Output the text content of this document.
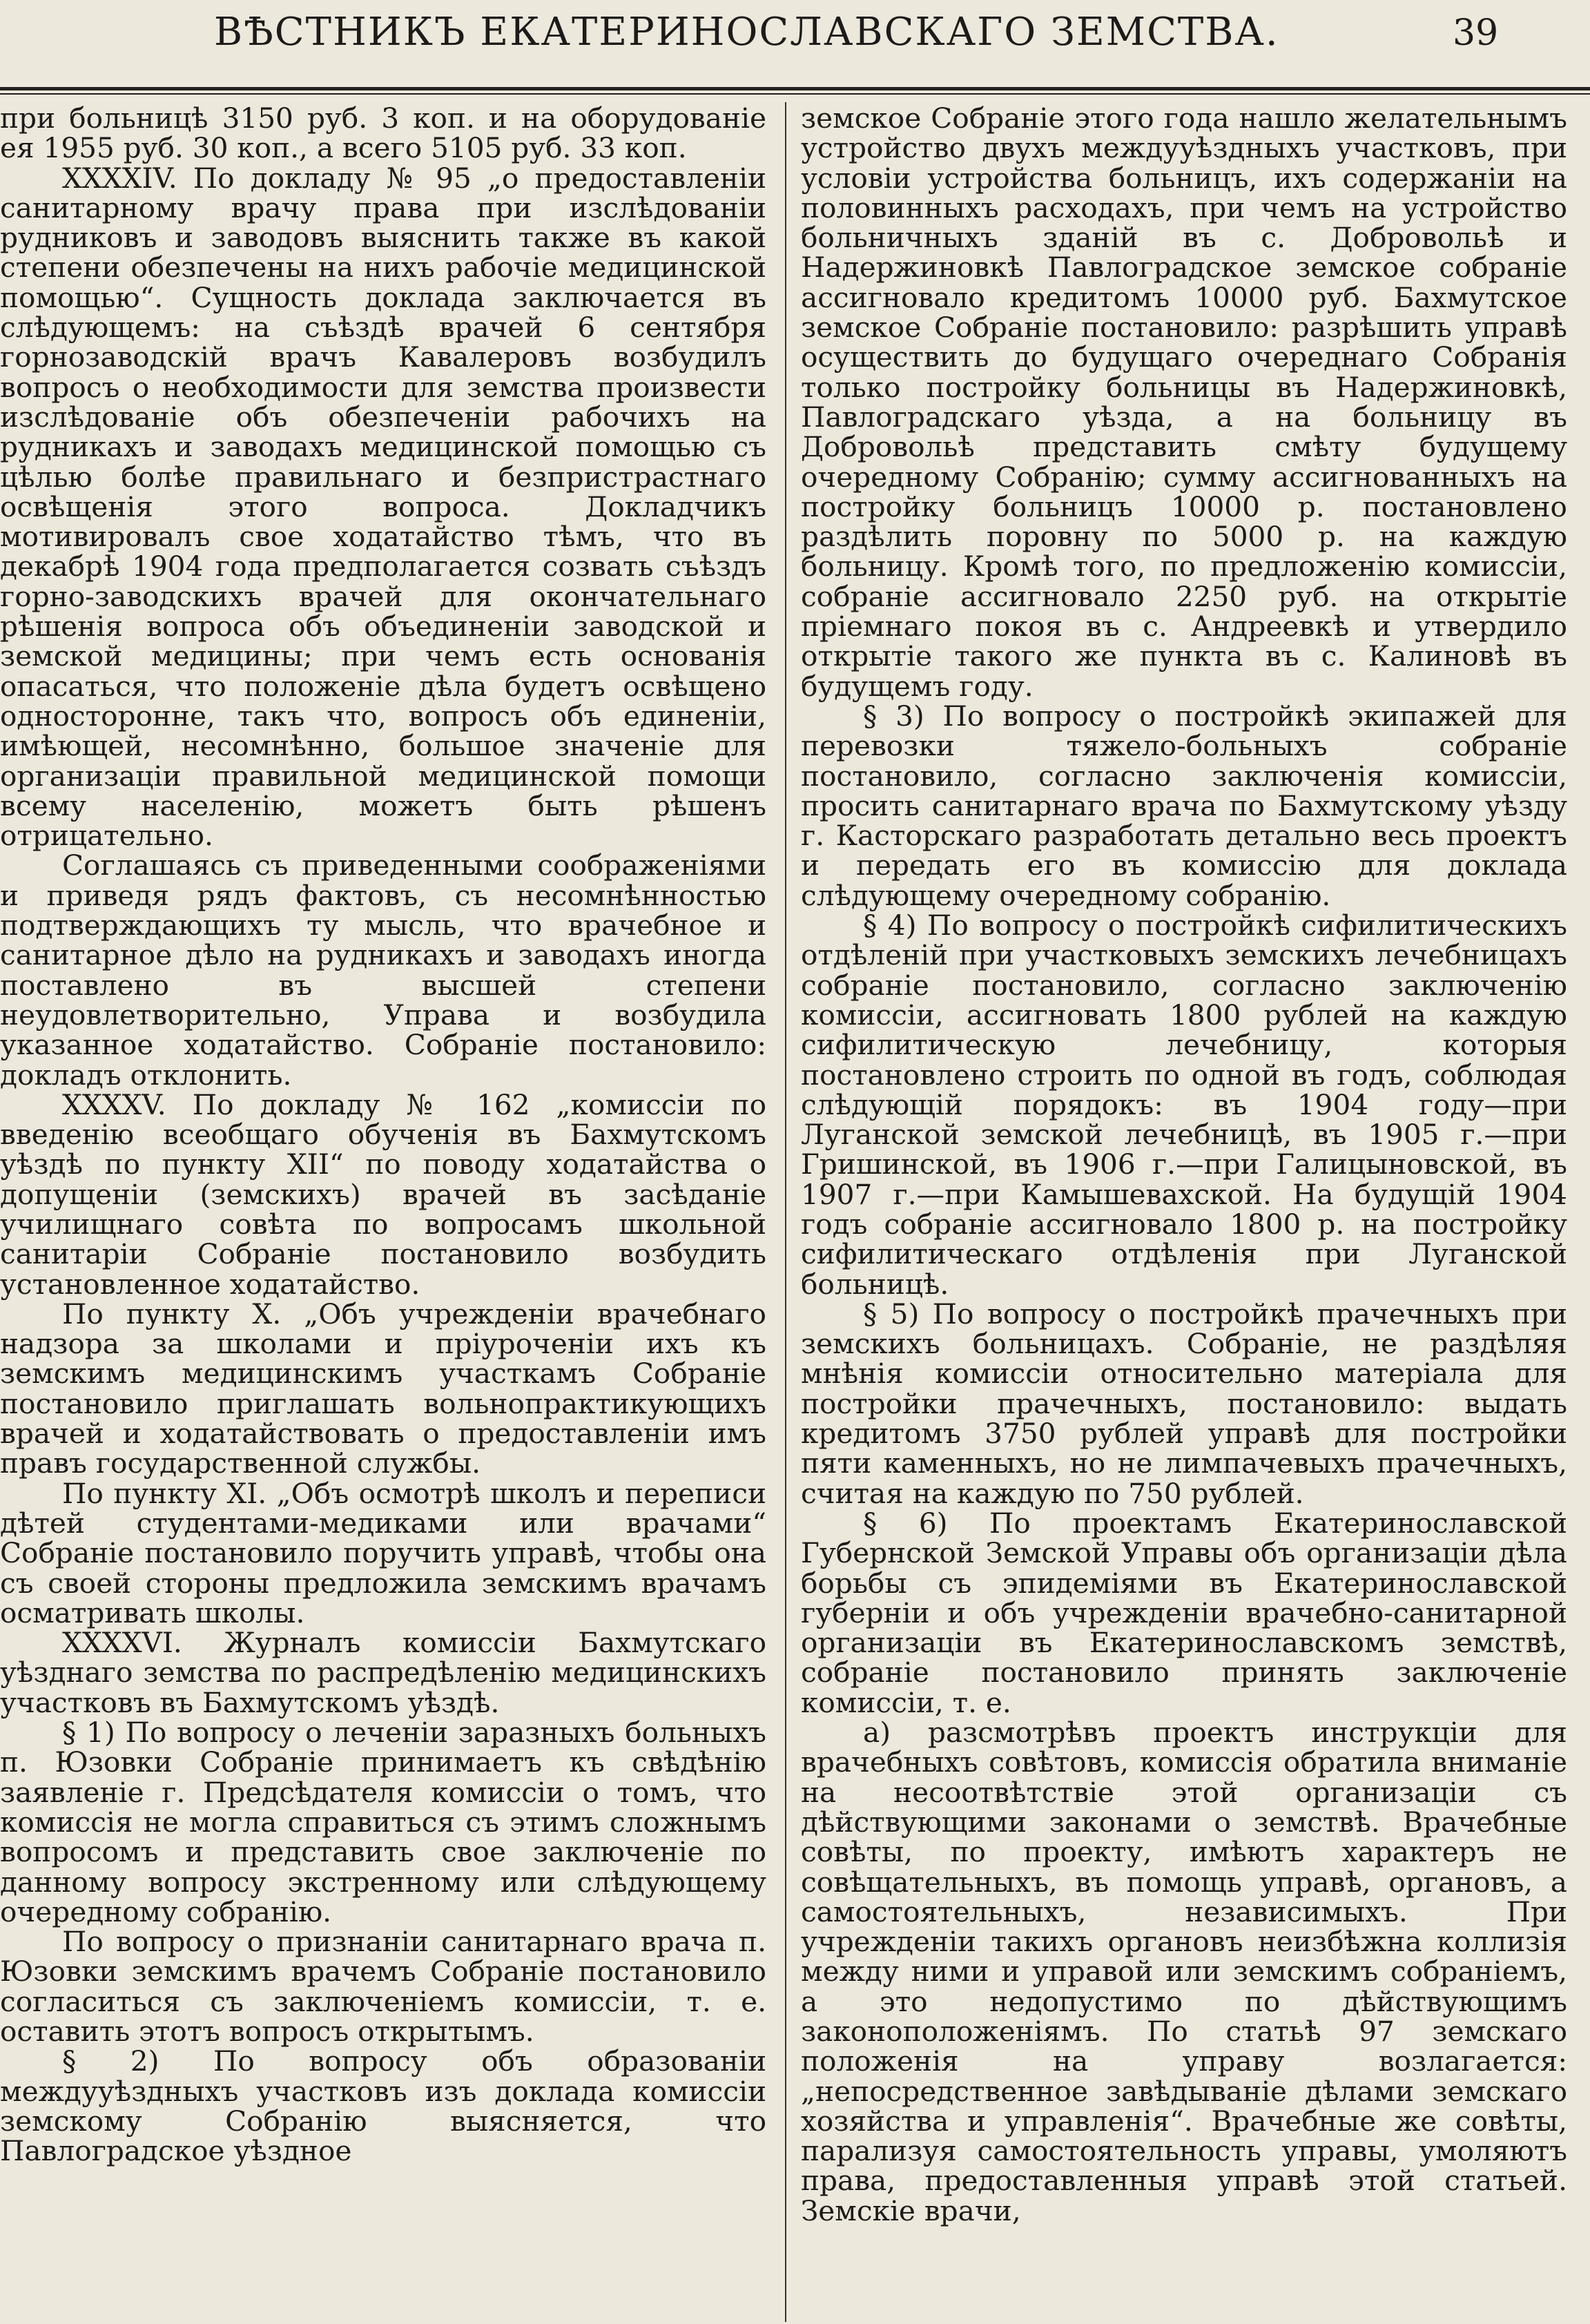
ВѢСТНИКЪ ЕКАТЕРИНОСЛАВСКАГО ЗЕМСТВА.	39

при больницѣ 3150 руб. 3 коп. и на оборудованіе ея 1955 руб. 30 коп., а всего 5105 руб. 33 коп.

XXXXIV. По докладу № 95 „о предоставленіи санитарному врачу права при изслѣдованіи рудниковъ и заводовъ выяснить также въ какой степени обезпечены на нихъ рабочіе медицинской помощью“. Сущность доклада заключается въ слѣдующемъ: на съѣздѣ врачей 6 сентября горнозаводскій врачъ Кавалеровъ возбудилъ вопросъ о необходимости для земства произвести изслѣдованіе объ обезпеченіи рабочихъ на рудникахъ и заводахъ медицинской помощью съ цѣлью болѣе правильнаго и безпристрастнаго освѣщенія этого вопроса. Докладчикъ мотивировалъ свое ходатайство тѣмъ, что въ декабрѣ 1904 года предполагается созвать съѣздъ горно-заводскихъ врачей для окончательнаго рѣшенія вопроса объ объединеніи заводской и земской медицины; при чемъ есть основанія опасаться, что положеніе дѣла будетъ освѣщено односторонне, такъ что, вопросъ объ единеніи, имѣющей, несомнѣнно, большое значеніе для организаціи правильной медицинской помощи всему населенію, можетъ быть рѣшенъ отрицательно.

Соглашаясь съ приведенными соображеніями и приведя рядъ фактовъ, съ несомнѣнностью подтверждающихъ ту мысль, что врачебное и санитарное дѣло на рудникахъ и заводахъ иногда поставлено въ высшей степени неудовлетворительно, Управа и возбудила указанное ходатайство. Собраніе постановило: докладъ отклонить.

XXXXV. По докладу № 162 „комиссіи по введенію всеобщаго обученія въ Бахмутскомъ уѣздѣ по пункту XII“ по поводу ходатайства о допущеніи (земскихъ) врачей въ засѣданіе училищнаго совѣта по вопросамъ школьной санитаріи Собраніе постановило возбудить установленное ходатайство.

По пункту X. „Объ учрежденіи врачебнаго надзора за школами и пріуроченіи ихъ къ земскимъ медицинскимъ участкамъ Собраніе постановило приглашать вольнопрактикующихъ врачей и ходатайствовать о предоставленіи имъ правъ государственной службы.

По пункту XI. „Объ осмотрѣ школъ и переписи дѣтей студентами-медиками или врачами“ Собраніе постановило поручить управѣ, чтобы она съ своей стороны предложила земскимъ врачамъ осматривать школы.

XXXXVI. Журналъ комиссіи Бахмутскаго уѣзднаго земства по распредѣленію медицинскихъ участковъ въ Бахмутскомъ уѣздѣ.

§ 1) По вопросу о леченіи заразныхъ больныхъ п. Юзовки Собраніе принимаетъ къ свѣдѣнію заявленіе г. Предсѣдателя комиссіи о томъ, что комиссія не могла справиться съ этимъ сложнымъ вопросомъ и представить свое заключеніе по данному вопросу экстренному или слѣдующему очередному собранію.

По вопросу о признаніи санитарнаго врача п. Юзовки земскимъ врачемъ Собраніе постановило согласиться съ заключеніемъ комиссіи, т. е. оставить этотъ вопросъ открытымъ.

§ 2) По вопросу объ образованіи междууѣздныхъ участковъ изъ доклада комиссіи земскому Собранію выясняется, что Павлоградское уѣздное

земское Собраніе этого года нашло желательнымъ устройство двухъ междууѣздныхъ участковъ, при условіи устройства больницъ, ихъ содержаніи на половинныхъ расходахъ, при чемъ на устройство больничныхъ зданій въ с. Добровольѣ и Надержиновкѣ Павлоградское земское собраніе ассигновало кредитомъ 10000 руб. Бахмутское земское Собраніе постановило: разрѣшить управѣ осуществить до будущаго очереднаго Собранія только постройку больницы въ Надержиновкѣ, Павлоградскаго уѣзда, а на больницу въ Добровольѣ представить смѣту будущему очередному Собранію; сумму ассигнованныхъ на постройку больницъ 10000 р. постановлено раздѣлить поровну по 5000 р. на каждую больницу. Кромѣ того, по предложенію комиссіи, собраніе ассигновало 2250 руб. на открытіе пріемнаго покоя въ с. Андреевкѣ и утвердило открытіе такого же пункта въ с. Калиновѣ въ будущемъ году.

§ 3) По вопросу о постройкѣ экипажей для перевозки тяжело-больныхъ собраніе постановило, согласно заключенія комиссіи, просить санитарнаго врача по Бахмутскому уѣзду г. Касторскаго разработать детально весь проектъ и передать его въ комиссію для доклада слѣдующему очередному собранію.

§ 4) По вопросу о постройкѣ сифилитическихъ отдѣленій при участковыхъ земскихъ лечебницахъ собраніе постановило, согласно заключенію комиссіи, ассигновать 1800 рублей на каждую сифилитическую лечебницу, которыя постановлено строить по одной въ годъ, соблюдая слѣдующій порядокъ: въ 1904 году—при Луганской земской лечебницѣ, въ 1905 г.—при Гришинской, въ 1906 г.—при Галицыновской, въ 1907 г.—при Камышевахской. На будущій 1904 годъ собраніе ассигновало 1800 р. на постройку сифилитическаго отдѣленія при Луганской больницѣ.

§ 5) По вопросу о постройкѣ прачечныхъ при земскихъ больницахъ. Собраніе, не раздѣляя мнѣнія комиссіи относительно матеріала для постройки прачечныхъ, постановило: выдать кредитомъ 3750 рублей управѣ для постройки пяти каменныхъ, но не лимпачевыхъ прачечныхъ, считая на каждую по 750 рублей.

§ 6) По проектамъ Екатеринославской Губернской Земской Управы объ организаціи дѣла борьбы съ эпидеміями въ Екатеринославской губерніи и объ учрежденіи врачебно-санитарной организаціи въ Екатеринославскомъ земствѣ, собраніе постановило принять заключеніе комиссіи, т. е.

а) разсмотрѣвъ проектъ инструкціи для врачебныхъ совѣтовъ, комиссія обратила вниманіе на несоотвѣтствіе этой организаціи съ дѣйствующими законами о земствѣ. Врачебные совѣты, по проекту, имѣютъ характеръ не совѣщательныхъ, въ помощь управѣ, органовъ, а самостоятельныхъ, независимыхъ. При учрежденіи такихъ органовъ неизбѣжна коллизія между ними и управой или земскимъ собраніемъ, а это недопустимо по дѣйствующимъ законоположеніямъ. По статьѣ 97 земскаго положенія на управу возлагается: „непосредственное завѣдываніе дѣлами земскаго хозяйства и управленія“. Врачебные же совѣты, парализуя самостоятельность управы, умоляютъ права, предоставленныя управѣ этой статьей. Земскіе врачи,
